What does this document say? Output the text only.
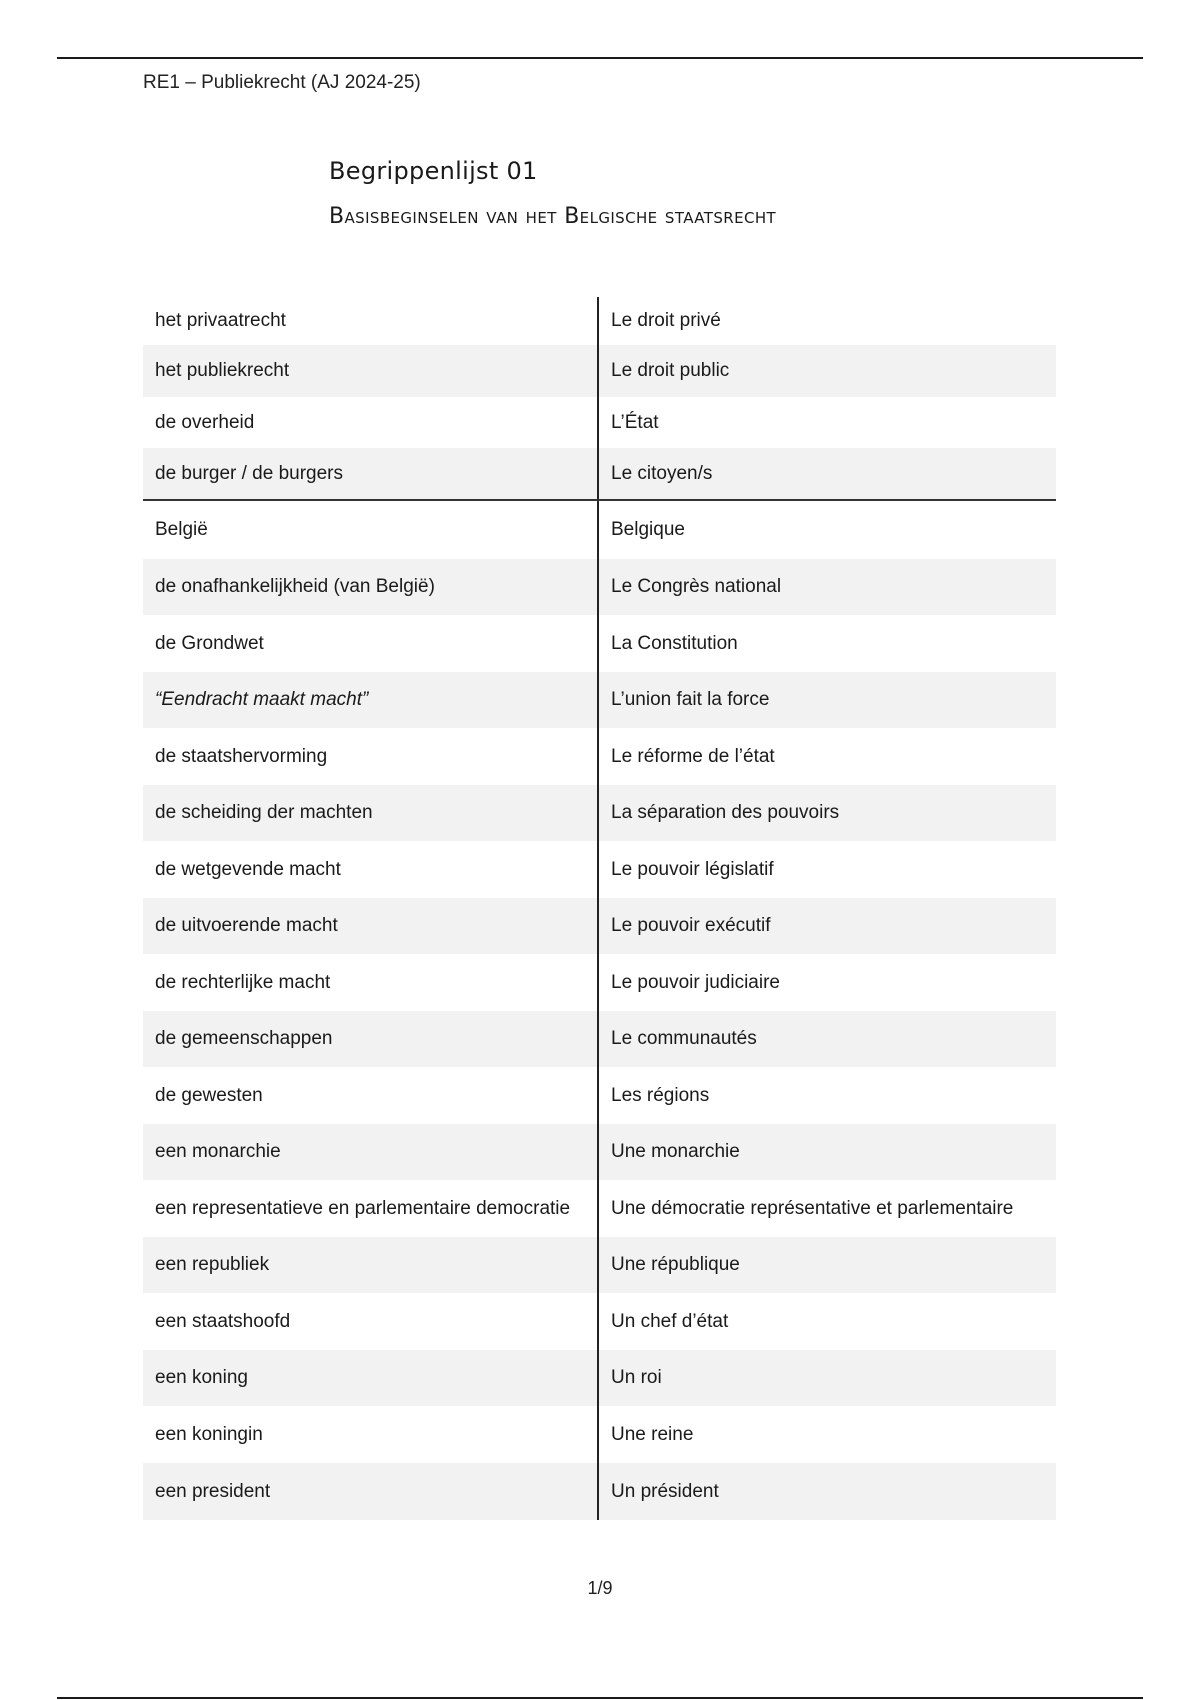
RE1 – Publiekrecht (AJ 2024-25)
Begrippenlijst 01
Basisbeginselen van het Belgische staatsrecht
het privaatrecht	Le droit privé
het publiekrecht	Le droit public
de overheid	L’État
de burger / de burgers	Le citoyen/s
België	Belgique
de onafhankelijkheid (van België)	Le Congrès national
de Grondwet	La Constitution
“Eendracht maakt macht”	L’union fait la force
de staatshervorming	Le réforme de l’état
de scheiding der machten	La séparation des pouvoirs
de wetgevende macht	Le pouvoir législatif
de uitvoerende macht	Le pouvoir exécutif
de rechterlijke macht	Le pouvoir judiciaire
de gemeenschappen	Le communautés
de gewesten	Les régions
een monarchie	Une monarchie
een representatieve en parlementaire democratie	Une démocratie représentative et parlementaire
een republiek	Une république
een staatshoofd	Un chef d’état
een koning	Un roi
een koningin	Une reine
een president	Un président
1/9
